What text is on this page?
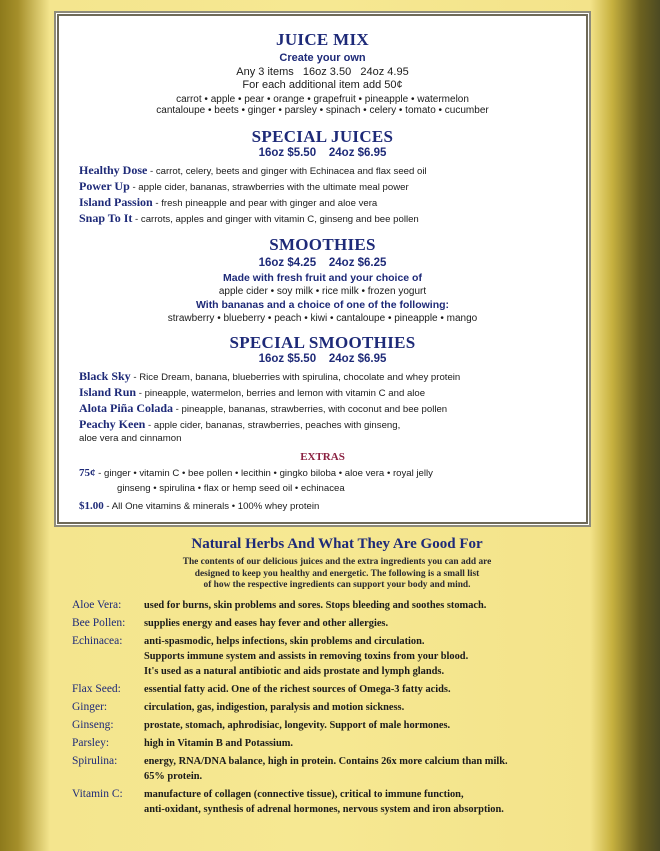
JUICE MIX
Create your own
Any 3 items   16oz 3.50   24oz 4.95
For each additional item add 50¢
carrot • apple • pear • orange • grapefruit • pineapple • watermelon
cantaloupe • beets • ginger • parsley • spinach • celery • tomato • cucumber
SPECIAL JUICES
16oz $5.50    24oz $6.95
Healthy Dose - carrot, celery, beets and ginger with Echinacea and flax seed oil
Power Up - apple cider, bananas, strawberries with the ultimate meal power
Island Passion - fresh pineapple and pear with ginger and aloe vera
Snap To It - carrots, apples and ginger with vitamin C, ginseng and bee pollen
SMOOTHIES
16oz $4.25    24oz $6.25
Made with fresh fruit and your choice of
apple cider • soy milk • rice milk • frozen yogurt
With bananas and a choice of one of the following:
strawberry • blueberry • peach • kiwi • cantaloupe • pineapple • mango
SPECIAL SMOOTHIES
16oz $5.50    24oz $6.95
Black Sky - Rice Dream, banana, blueberries with spirulina, chocolate and whey protein
Island Run - pineapple, watermelon, berries and lemon with vitamin C and aloe
Alota Piña Colada - pineapple, bananas, strawberries, with coconut and bee pollen
Peachy Keen - apple cider, bananas, strawberries, peaches with ginseng,
aloe vera and cinnamon
EXTRAS
75¢ - ginger • vitamin C • bee pollen • lecithin • gingko biloba • aloe vera • royal jelly
ginseng • spirulina • flax or hemp seed oil • echinacea
$1.00 - All One vitamins & minerals • 100% whey protein
Natural Herbs And What They Are Good For
The contents of our delicious juices and the extra ingredients you can add are
designed to keep you healthy and energetic. The following is a small list
of how the respective ingredients can support your body and mind.
Aloe Vera:	used for burns, skin problems and sores. Stops bleeding and soothes stomach.
Bee Pollen:	supplies energy and eases hay fever and other allergies.
Echinacea:	anti-spasmodic, helps infections, skin problems and circulation.
Supports immune system and assists in removing toxins from your blood.
It's used as a natural antibiotic and aids prostate and lymph glands.
Flax Seed:	essential fatty acid. One of the richest sources of Omega-3 fatty acids.
Ginger:	circulation, gas, indigestion, paralysis and motion sickness.
Ginseng:	prostate, stomach, aphrodisiac, longevity. Support of male hormones.
Parsley:	high in Vitamin B and Potassium.
Spirulina:	energy, RNA/DNA balance, high in protein. Contains 26x more calcium than milk.
65% protein.
Vitamin C:	manufacture of collagen (connective tissue), critical to immune function,
anti-oxidant, synthesis of adrenal hormones, nervous system and iron absorption.
